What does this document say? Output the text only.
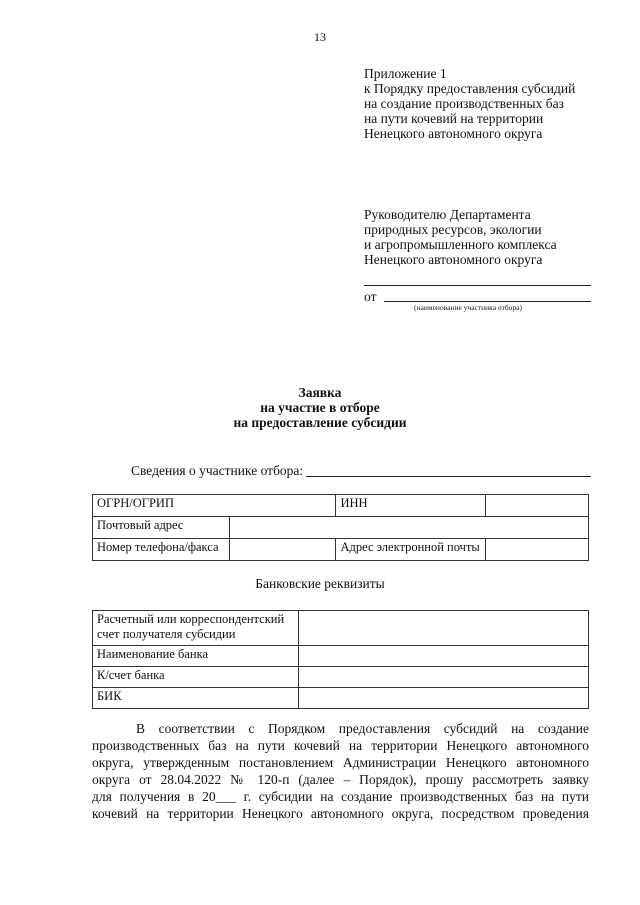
13
Приложение 1
к Порядку предоставления субсидий
на создание производственных баз
на пути кочевий на территории
Ненецкого автономного округа
Руководителю Департамента
природных ресурсов, экологии
и агропромышленного комплекса
Ненецкого автономного округа
от
(наименование участника отбора)
Заявка
на участие в отборе
на предоставление субсидии
Сведения о участнике отбора:
ОГРН/ОГРИП		ИНН	
Почтовый адрес			
Номер телефона/факса		Адрес электронной почты	
Банковские реквизиты
Расчетный или корреспондентский
счет получателя субсидии	

Наименование банка	
К/счет банка	
БИК	
В соответствии с Порядком предоставления субсидий на создание
производственных баз на пути кочевий на территории Ненецкого автономного
округа, утвержденным постановлением Администрации Ненецкого автономного
округа от 28.04.2022 № 120-п (далее – Порядок), прошу рассмотреть заявку
для получения в 20___ г. субсидии на создание производственных баз на пути
кочевий на территории Ненецкого автономного округа, посредством проведения
